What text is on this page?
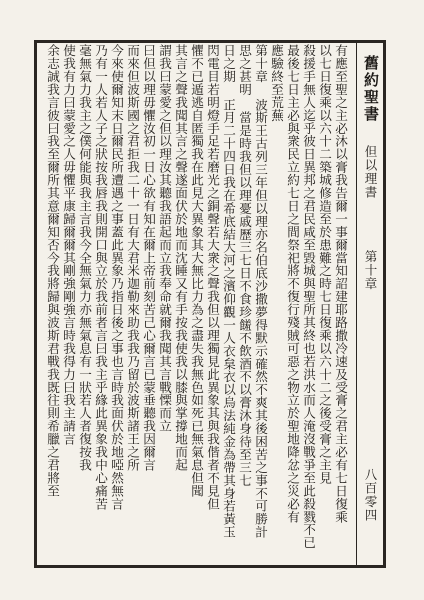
舊約聖書
但以理書
第十章
八百零四
有應至聖之主必沐以膏我告爾一事爾當知詔建耶路撒冷速及受膏之君主必有七日復乘
以七日復乘以六十二築城修造至於患難之時七日復乘以六十二之後受膏之主見
殺援手無人迄乎彼日異邦之君民咸至毀城與聖所其終也若洪水而人淹沒戰爭至此殺戮不已
最後七日主必與衆民立約七日之間祭祀將不復行殘賊可惡之物立於聖地降忿之災必有
應驗終至荒蕪
第十章 波斯王古列三年但以理亦名伯底沙撒夢得默示確然不爽其後困苦之事不可勝計
思之甚明 當是時我但以理憂戚歷三七日不食珍饈不飲酒不以膏沐身待至三七
日之期 正月二十四日我在希底結大河之濱仰觀一人衣枲衣以烏法純金為帶其身若黃玉
閃電目若明燈手足若磨光之銅聲若大衆之聲我但以理獨見此異象其與我偕者不見但
懼不已遁逃自匿獨我在此見大異象其大無比力為之盡失我無色如死已無氣息但聞
其言之聲我聞其言之聲遂面伏於地而沈睡又有手按我使我以膝與掌撐地而起
謂我曰蒙愛之但以理汝其聽我語起而立我奉命就爾我聞其言戰慄而立
曰但以理毋懼汝初一日心欲有知在爾上帝前刻苦己心爾言已蒙垂聽我因爾言
而來但波斯國之君拒我二十一日有大君米迦勒來助我我乃留於波斯諸王之所
今來使爾知末日爾民所遭遇之事蓋此異象乃指日後之事也言時我面伏於地啞然無言
乃有一人若人子之狀按我唇我則開口與立於我前者言曰我主乎緣此異象我中心痛苦
毫無氣力我主之僕何能與我主言我今全無氣力亦無氣息有一狀若人者復按我
使我有力曰蒙愛之人毋懼平康歸爾爾其剛強剛強言時我得力曰我主請言
余志誠我言彼曰我至爾所其意爾知否今我將歸與波斯君戰我既往則希臘之君將至
